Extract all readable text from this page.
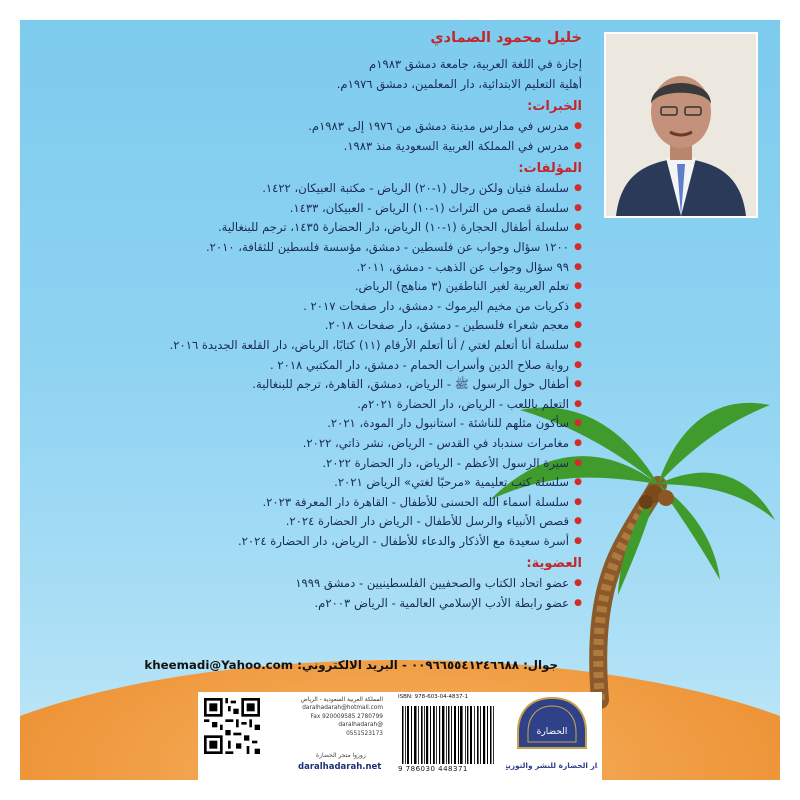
خليل محمود الصمادي
إجازة في اللغة العربية، جامعة دمشق ١٩٨٣م
أهلية التعليم الابتدائية، دار المعلمين، دمشق ١٩٧٦م.
الخبرات:
● مدرس في مدارس مدينة دمشق من ١٩٧٦ إلى ١٩٨٣م.
● مدرس في المملكة العربية السعودية منذ ١٩٨٣.
المؤلفات:
● سلسلة فتيان ولكن رجال (١-٢٠) الرياض - مكتبة العبيكان، ١٤٢٢.
● سلسلة قصص من التراث (١-١٠) الرياض - العبيكان، ١٤٣٣.
● سلسلة أطفال الحجارة (١-١٠) الرياض، دار الحضارة ١٤٣٥، ترجم للبنغالية.
● ١٢٠٠ سؤال وجواب عن فلسطين - دمشق، مؤسسة فلسطين للثقافة، ٢٠١٠.
● ٩٩ سؤال وجواب عن الذهب - دمشق، ٢٠١١.
● تعلم العربية لغير الناطقين (٣ مناهج) الرياض.
● ذكريات من مخيم اليرموك - دمشق، دار صفحات ٢٠١٧ .
● معجم شعراء فلسطين - دمشق، دار صفحات ٢٠١٨.
● سلسلة أنا أتعلم لغتي / أنا أتعلم الأرقام (١١) كتابًا، الرياض، دار القلعة الجديدة ٢٠١٦.
● رواية صلاح الدين وأسراب الحمام - دمشق، دار المكتبي ٢٠١٨ .
● أطفال حول الرسول ﷺ - الرياض، دمشق، القاهرة، ترجم للبنغالية.
● التعلم باللعب - الرياض، دار الحضارة ٢٠٢١م.
● سأكون مثلهم للناشئة - استانبول دار المودة، ٢٠٢١.
● مغامرات سندباد في القدس - الرياض، نشر ذاتي، ٢٠٢٢.
● سيرة الرسول الأعظم - الرياض، دار الحضارة ٢٠٢٢.
● سلسلة كتب تعليمية «مرحبًا لغتي» الرياض ٢٠٢١.
● سلسلة أسماء الله الحسنى للأطفال - القاهرة دار المعرفة ٢٠٢٣.
● قصص الأنبياء والرسل للأطفال - الرياض دار الحضارة ٢٠٢٤.
● أسرة سعيدة مع الأذكار والدعاء للأطفال - الرياض، دار الحضارة ٢٠٢٤.
العضوية:
● عضو اتحاد الكتاب والصحفيين الفلسطينيين - دمشق ١٩٩٩
● عضو رابطة الأدب الإسلامي العالمية - الرياض ٢٠٠٣م.
جوال: ٠٠٩٦٦٥٥٤١٢٤٦٦٨٨ - البريد الالكتروني: kheemadi@Yahoo.com
المملكة العربية السعودية - الرياض
daralhadarah@hotmail.com
2780799 Fax 920009585
@daralhadarah
0551523173
زوروا متجر الحضارة
daralhadarah.net
ISBN: 978-603-04-4837-1
9 786030 448371
الحضارة
دار الحضارة للنشر والتوزيع
